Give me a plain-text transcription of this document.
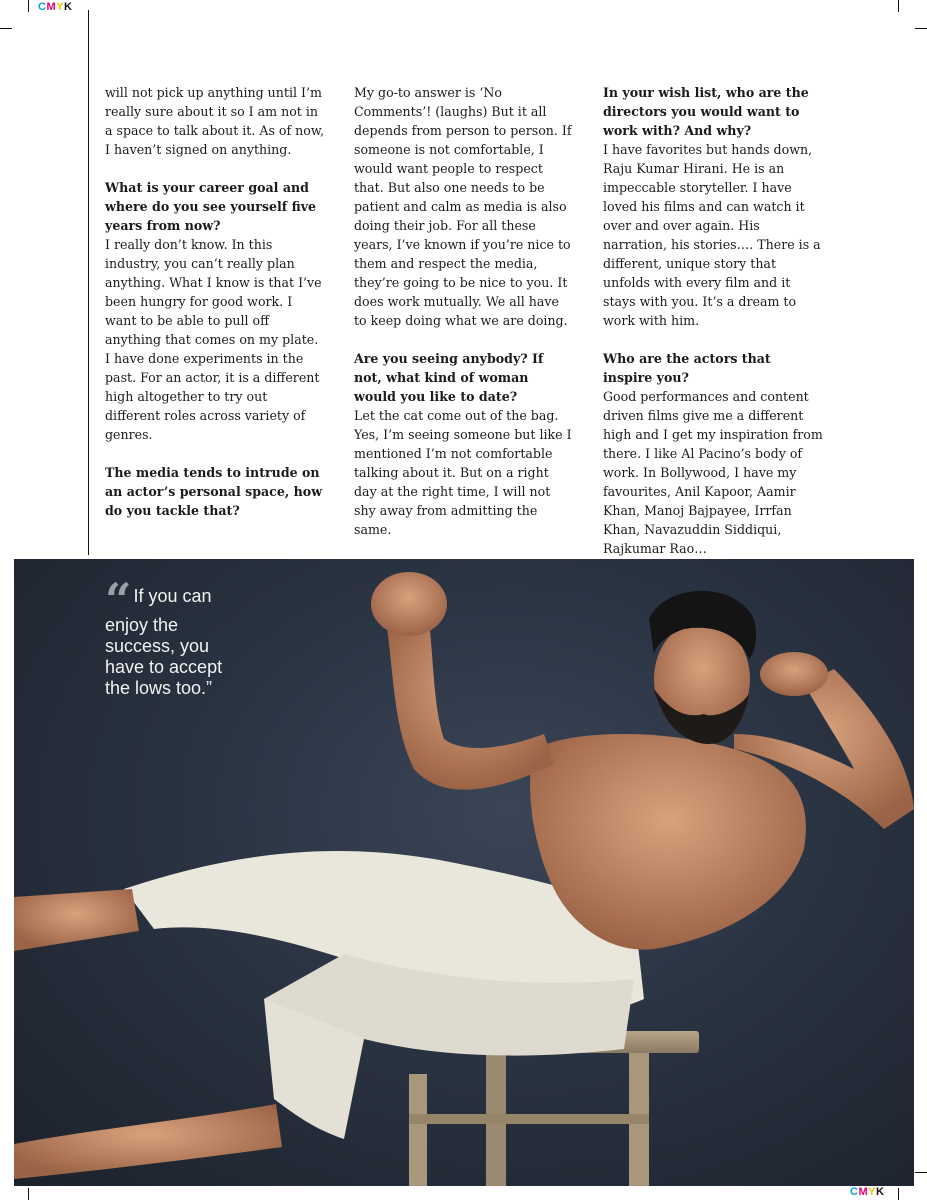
CMYK
CMYK

will not pick up anything until I’m really sure about it so I am not in a space to talk about it. As of now, I haven’t signed on anything.

What is your career goal and where do you see yourself five years from now?
I really don’t know. In this industry, you can’t really plan anything. What I know is that I’ve been hungry for good work. I want to be able to pull off anything that comes on my plate. I have done experiments in the past. For an actor, it is a different high altogether to try out different roles across variety of genres.

The media tends to intrude on an actor’s personal space, how do you tackle that?

My go-to answer is ‘No Comments’! (laughs) But it all depends from person to person. If someone is not comfortable, I would want people to respect that. But also one needs to be patient and calm as media is also doing their job. For all these years, I’ve known if you’re nice to them and respect the media, they’re going to be nice to you. It does work mutually. We all have to keep doing what we are doing.

Are you seeing anybody? If not, what kind of woman would you like to date?
Let the cat come out of the bag. Yes, I’m seeing someone but like I mentioned I’m not comfortable talking about it. But on a right day at the right time, I will not shy away from admitting the same.

In your wish list, who are the directors you would want to work with? And why?
I have favorites but hands down, Raju Kumar Hirani. He is an impeccable storyteller. I have loved his films and can watch it over and over again. His narration, his stories…. There is a different, unique story that unfolds with every film and it stays with you. It’s a dream to work with him.

Who are the actors that inspire you?
Good performances and content driven films give me a different high and I get my inspiration from there. I like Al Pacino’s body of work. In Bollywood, I have my favourites, Anil Kapoor, Aamir Khan, Manoj Bajpayee, Irrfan Khan, Navazuddin Siddiqui, Rajkumar Rao…

“ If you can enjoy the success, you have to accept the lows too.”
